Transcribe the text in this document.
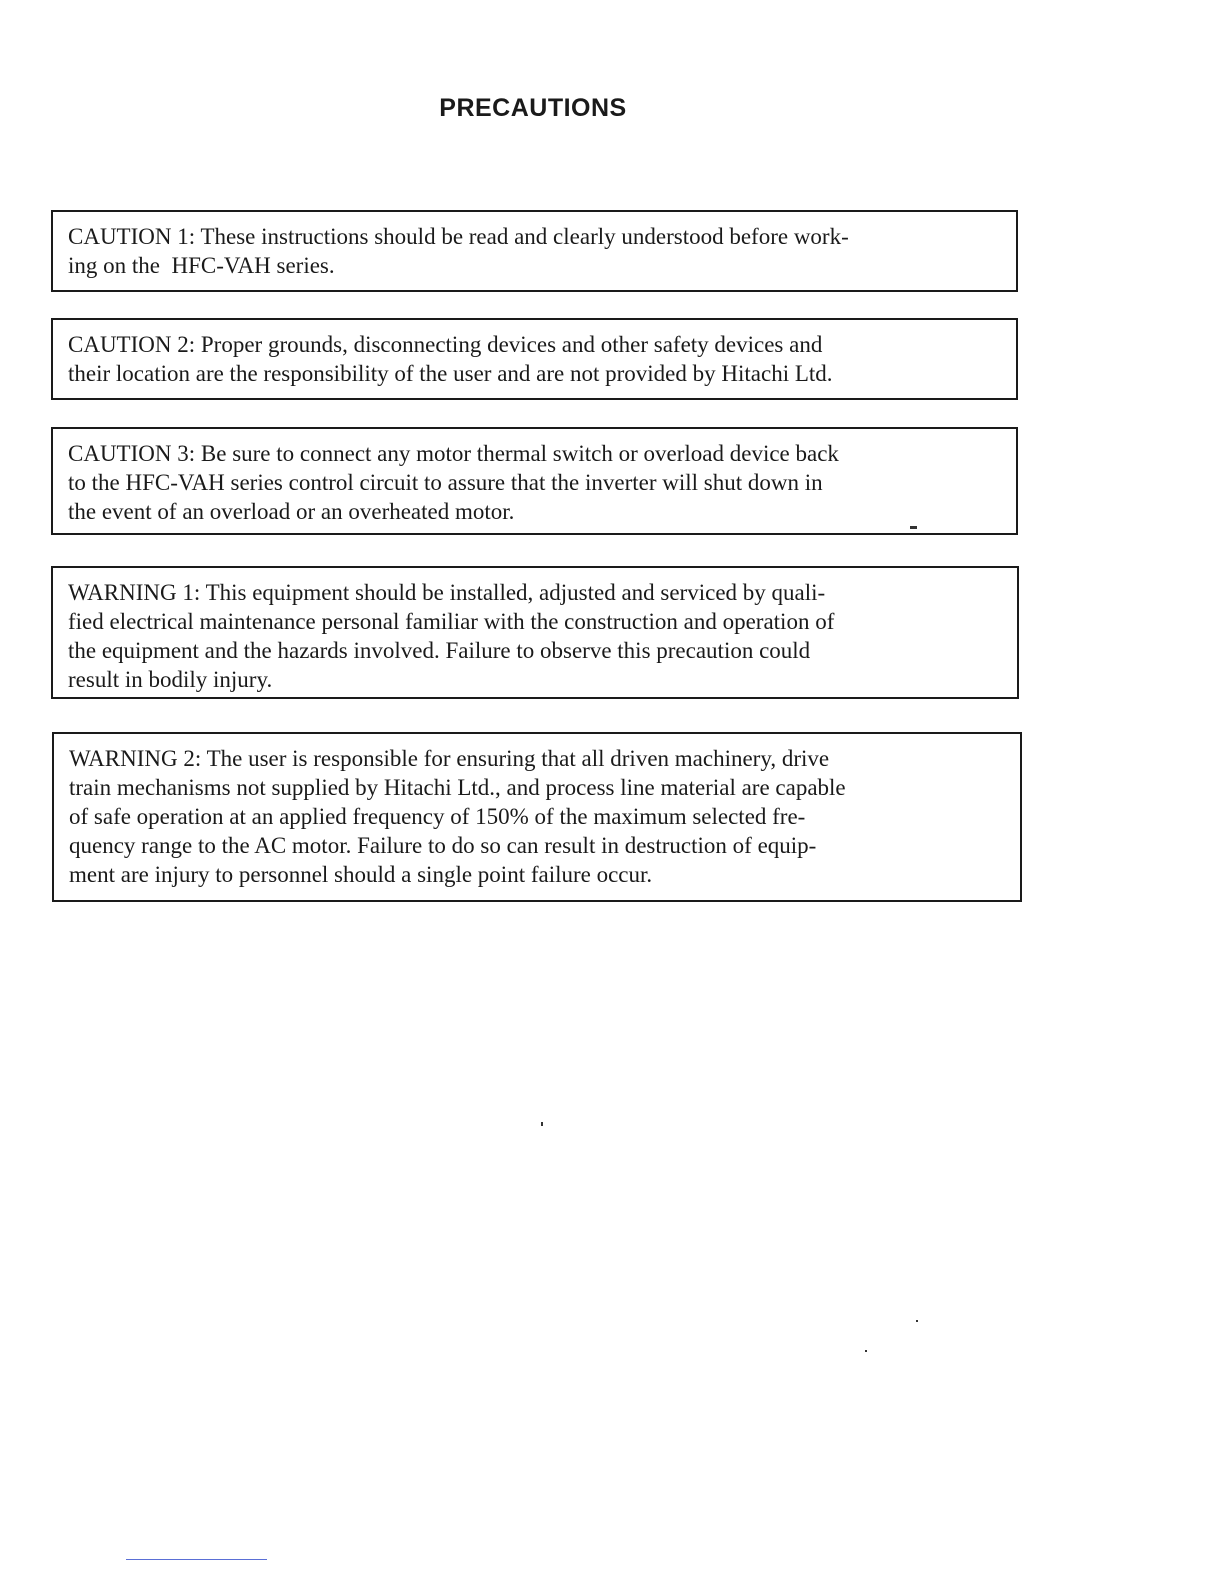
PRECAUTIONS
CAUTION 1: These instructions should be read and clearly understood before work-
ing on the  HFC-VAH series.
CAUTION 2: Proper grounds, disconnecting devices and other safety devices and
their location are the responsibility of the user and are not provided by Hitachi Ltd.
CAUTION 3: Be sure to connect any motor thermal switch or overload device back
to the HFC-VAH series control circuit to assure that the inverter will shut down in
the event of an overload or an overheated motor.
WARNING 1: This equipment should be installed, adjusted and serviced by quali-
fied electrical maintenance personal familiar with the construction and operation of
the equipment and the hazards involved. Failure to observe this precaution could
result in bodily injury.
WARNING 2: The user is responsible for ensuring that all driven machinery, drive
train mechanisms not supplied by Hitachi Ltd., and process line material are capable
of safe operation at an applied frequency of 150% of the maximum selected fre-
quency range to the AC motor. Failure to do so can result in destruction of equip-
ment are injury to personnel should a single point failure occur.
